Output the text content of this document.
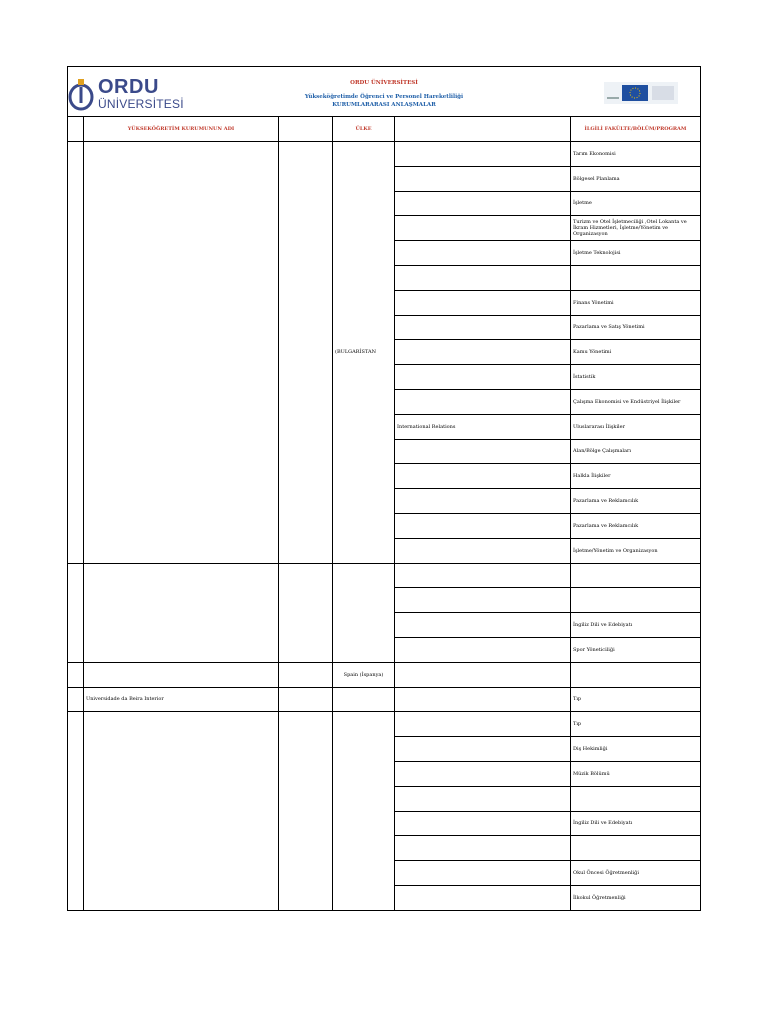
ORDU
ÜNİVERSİTESİ
ORDU ÜNİVERSİTESİ
Yükseköğretimde Öğrenci ve Personel Hareketliliği
KURUMLARARASI ANLAŞMALAR
	YÜKSEKÖĞRETİM KURUMUNUN ADI		ÜLKE		İLGİLİ FAKÜLTE/BÖLÜM/PROGRAM
			(BULGARİSTAN		Tarım Ekonomisi
					Bölgesel Planlama
					İşletme
					Turizm ve Otel İşletmeciliği ,Otel Lokanta ve İkram Hizmetleri, İşletme/Yönetim ve Organizasyon
					İşletme Teknolojisi

					Finans Yönetimi
					Pazarlama ve Satış Yönetimi
					Kamu Yönetimi
					İstatistik
					Çalışma Ekonomisi ve Endüstriyel İlişkiler
				International Relations	Uluslararası İlişkiler
					Alan/Bölge Çalışmaları
					Halkla İlişkiler
					Pazarlama ve Reklamcılık
					Pazarlama ve Reklamcılık
					İşletme/Yönetim ve Organizasyon

					İngiliz Dili ve Edebiyatı
					Spor Yöneticiliği
			Spain (İspanya)		
	Universidade da Beira Interior				Tıp
					Tıp
					Diş Hekimliği
					Müzik Bölümü

					İngiliz Dili ve Edebiyatı

					Okul Öncesi Öğretmenliği
					İlkokul Öğretmenliği
